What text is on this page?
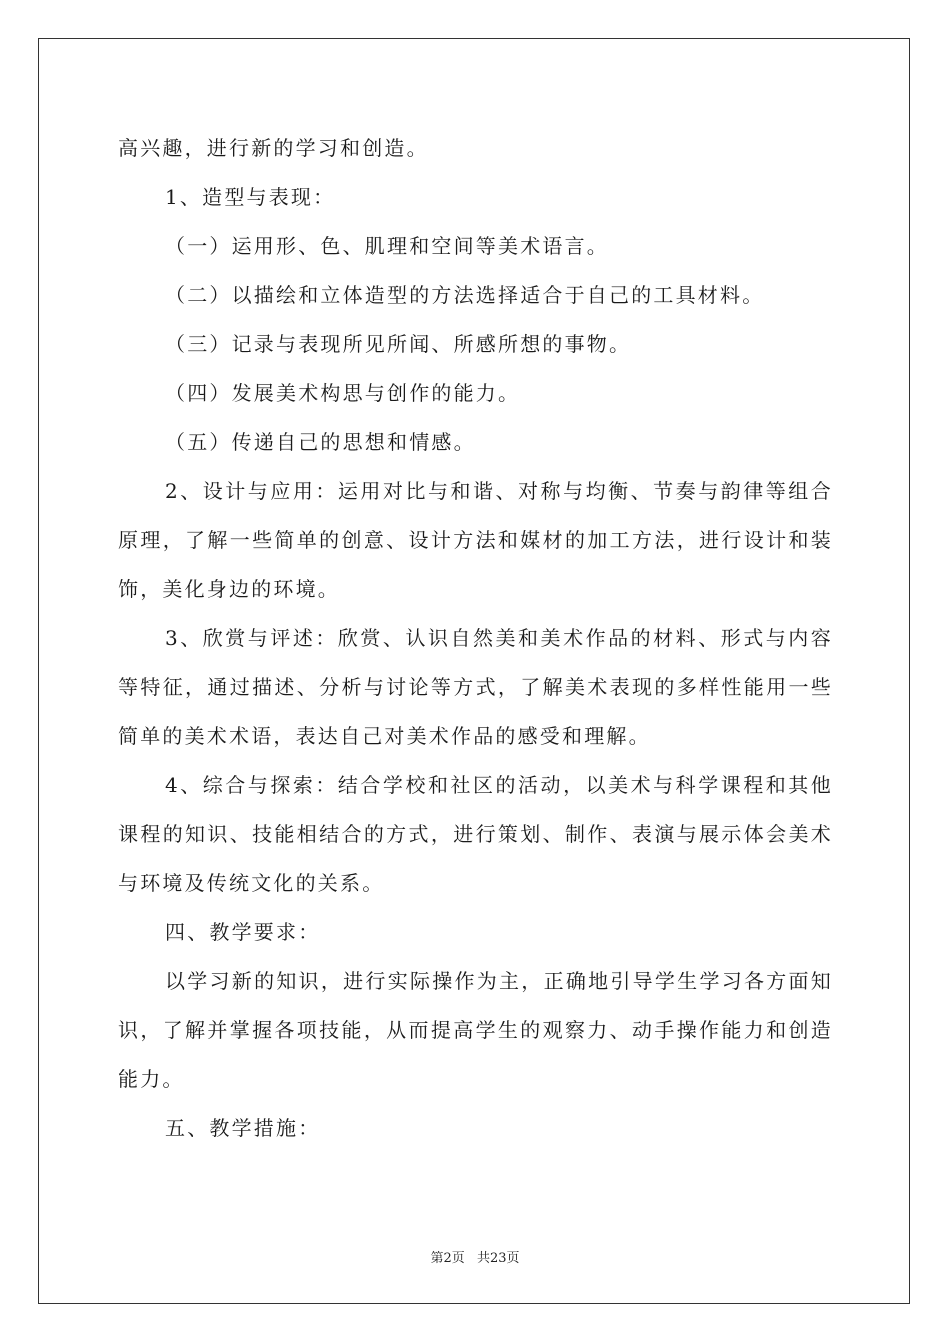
高兴趣，进行新的学习和创造。

1、造型与表现：

（一）运用形、色、肌理和空间等美术语言。

（二）以描绘和立体造型的方法选择适合于自己的工具材料。

（三）记录与表现所见所闻、所感所想的事物。

（四）发展美术构思与创作的能力。

（五）传递自己的思想和情感。

2、设计与应用：运用对比与和谐、对称与均衡、节奏与韵律等组合原理，了解一些简单的创意、设计方法和媒材的加工方法，进行设计和装饰，美化身边的环境。

3、欣赏与评述：欣赏、认识自然美和美术作品的材料、形式与内容等特征，通过描述、分析与讨论等方式，了解美术表现的多样性能用一些简单的美术术语，表达自己对美术作品的感受和理解。

4、综合与探索：结合学校和社区的活动，以美术与科学课程和其他课程的知识、技能相结合的方式，进行策划、制作、表演与展示体会美术与环境及传统文化的关系。

四、教学要求：

以学习新的知识，进行实际操作为主，正确地引导学生学习各方面知识，了解并掌握各项技能，从而提高学生的观察力、动手操作能力和创造能力。

五、教学措施：

第2页 共23页
